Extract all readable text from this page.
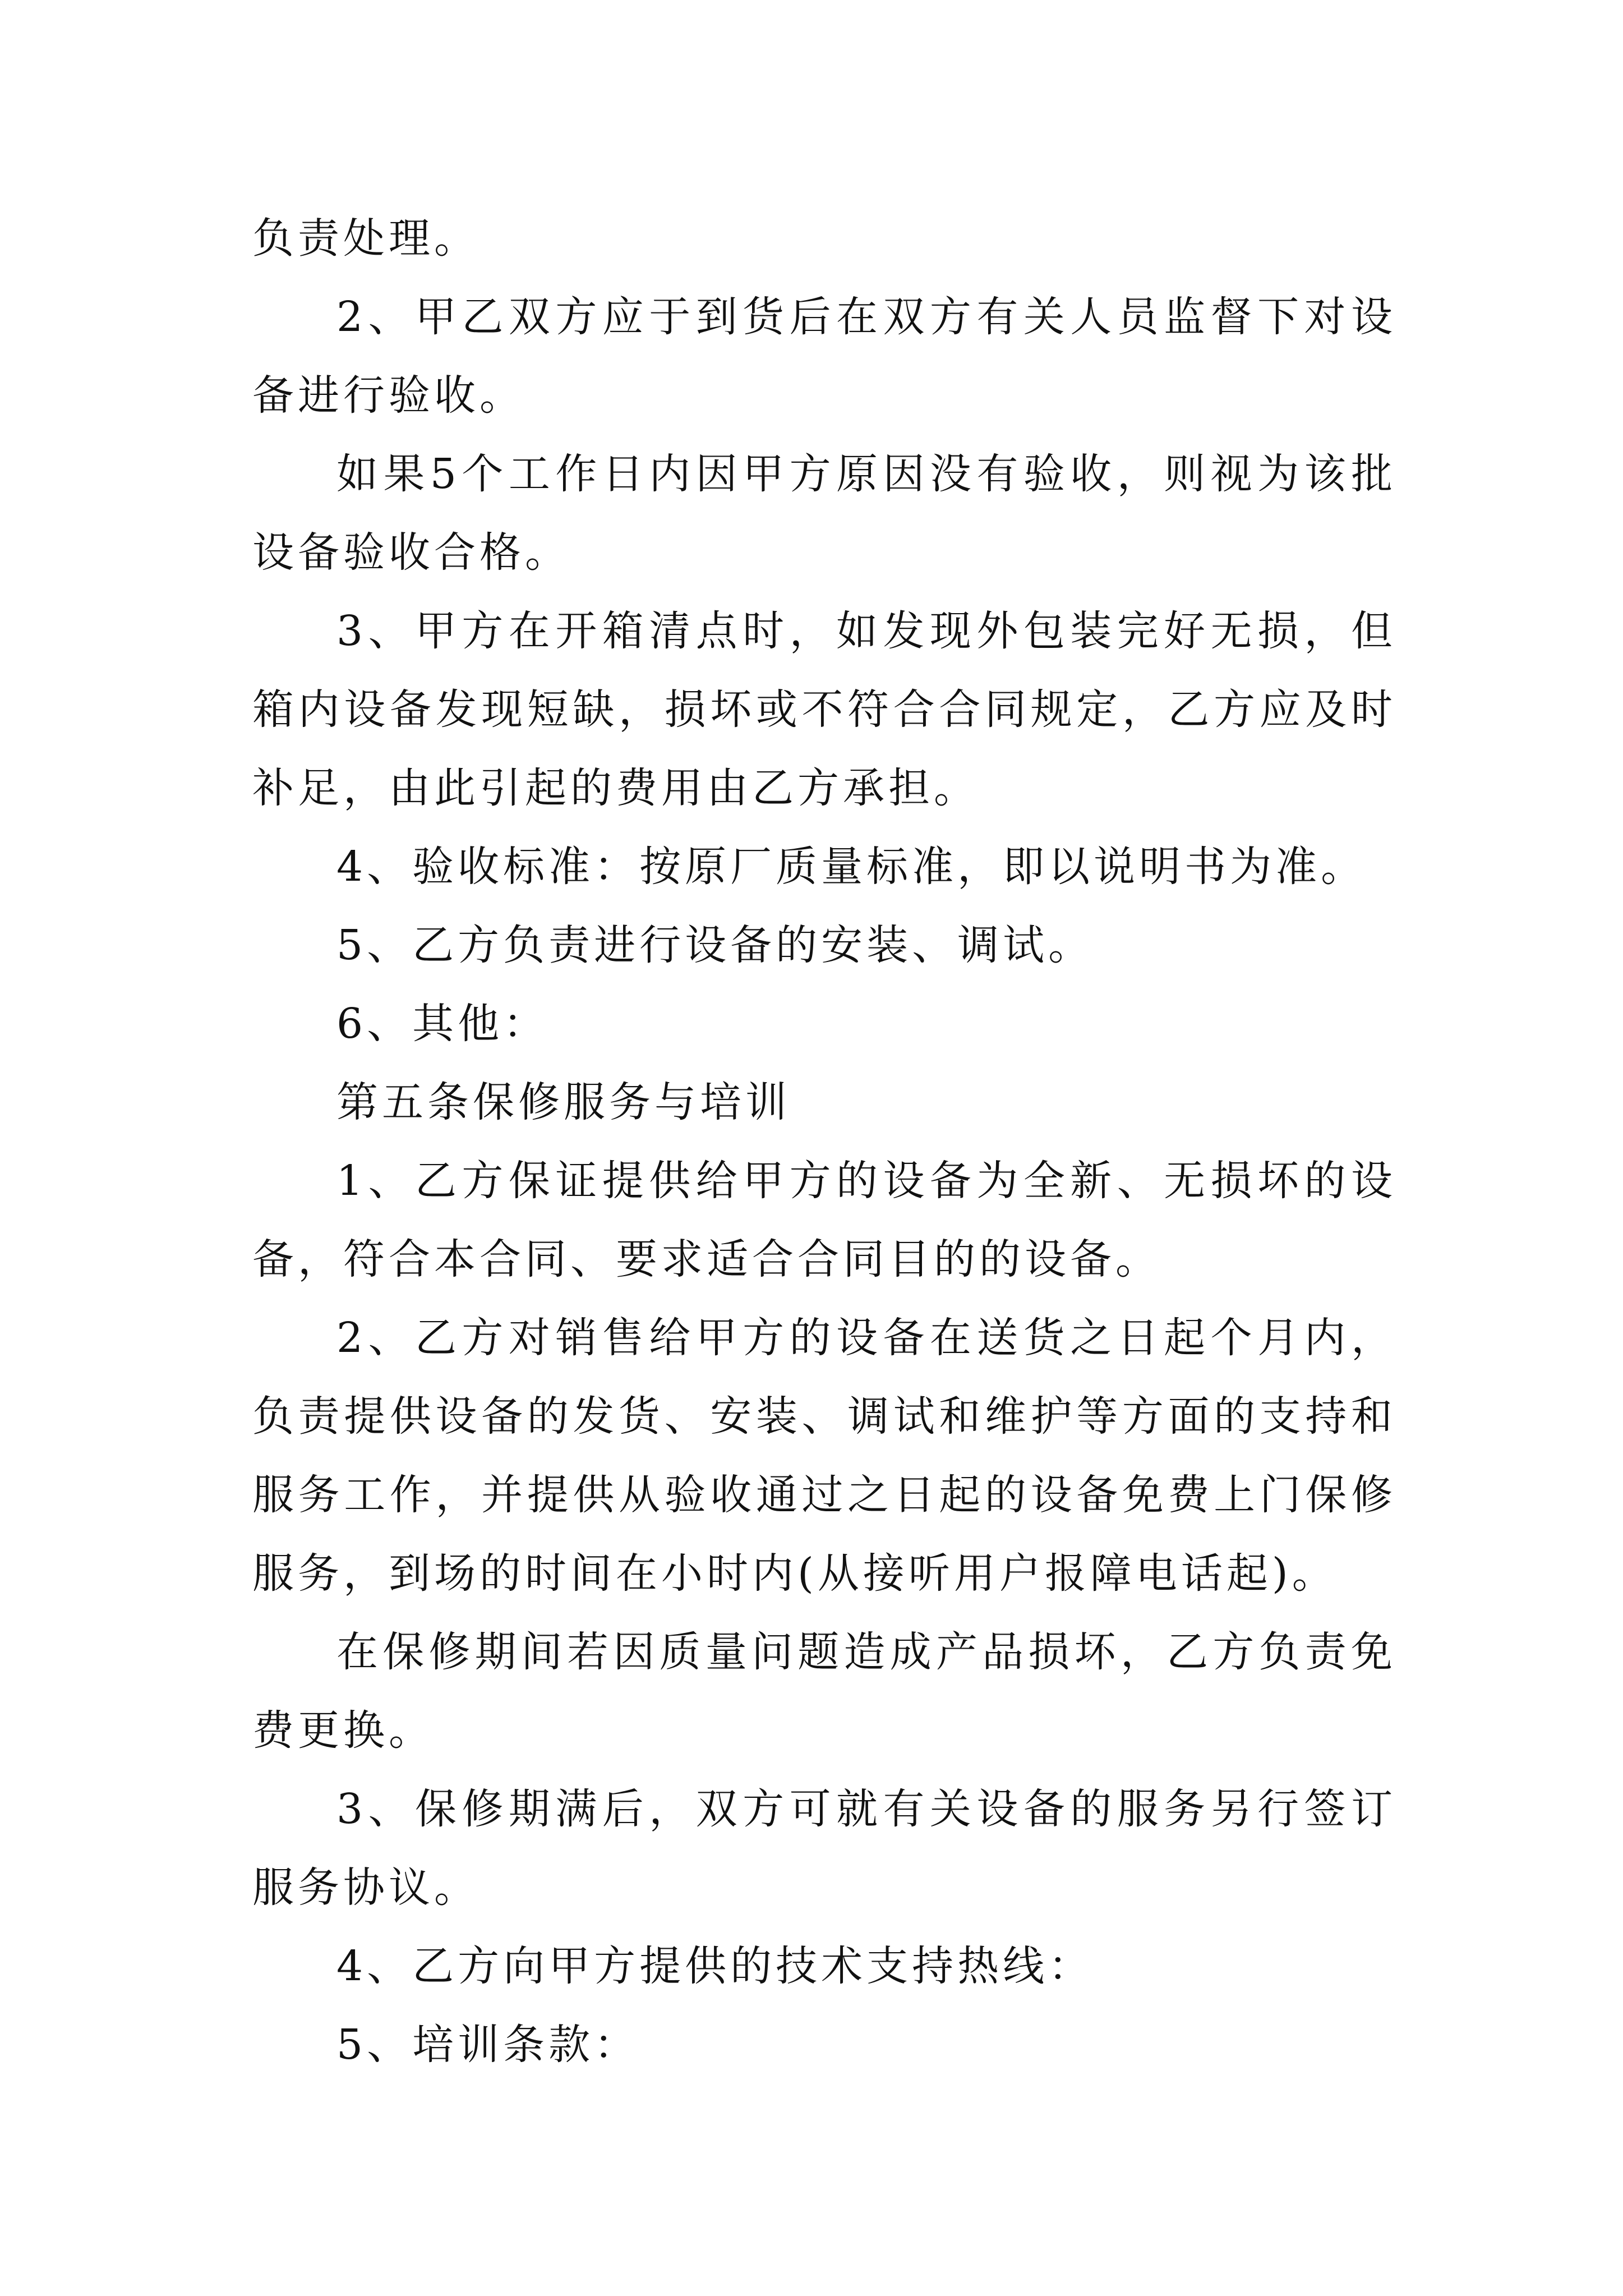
负责处理。

2、甲乙双方应于到货后在双方有关人员监督下对设备进行验收。

如果5个工作日内因甲方原因没有验收，则视为该批设备验收合格。

3、甲方在开箱清点时，如发现外包装完好无损，但箱内设备发现短缺，损坏或不符合合同规定，乙方应及时补足，由此引起的费用由乙方承担。

4、验收标准：按原厂质量标准，即以说明书为准。

5、乙方负责进行设备的安装、调试。

6、其他：

第五条保修服务与培训

1、乙方保证提供给甲方的设备为全新、无损坏的设备，符合本合同、要求适合合同目的的设备。

2、乙方对销售给甲方的设备在送货之日起个月内，负责提供设备的发货、安装、调试和维护等方面的支持和服务工作，并提供从验收通过之日起的设备免费上门保修服务，到场的时间在小时内(从接听用户报障电话起)。

在保修期间若因质量问题造成产品损坏，乙方负责免费更换。

3、保修期满后，双方可就有关设备的服务另行签订服务协议。

4、乙方向甲方提供的技术支持热线：

5、培训条款：
